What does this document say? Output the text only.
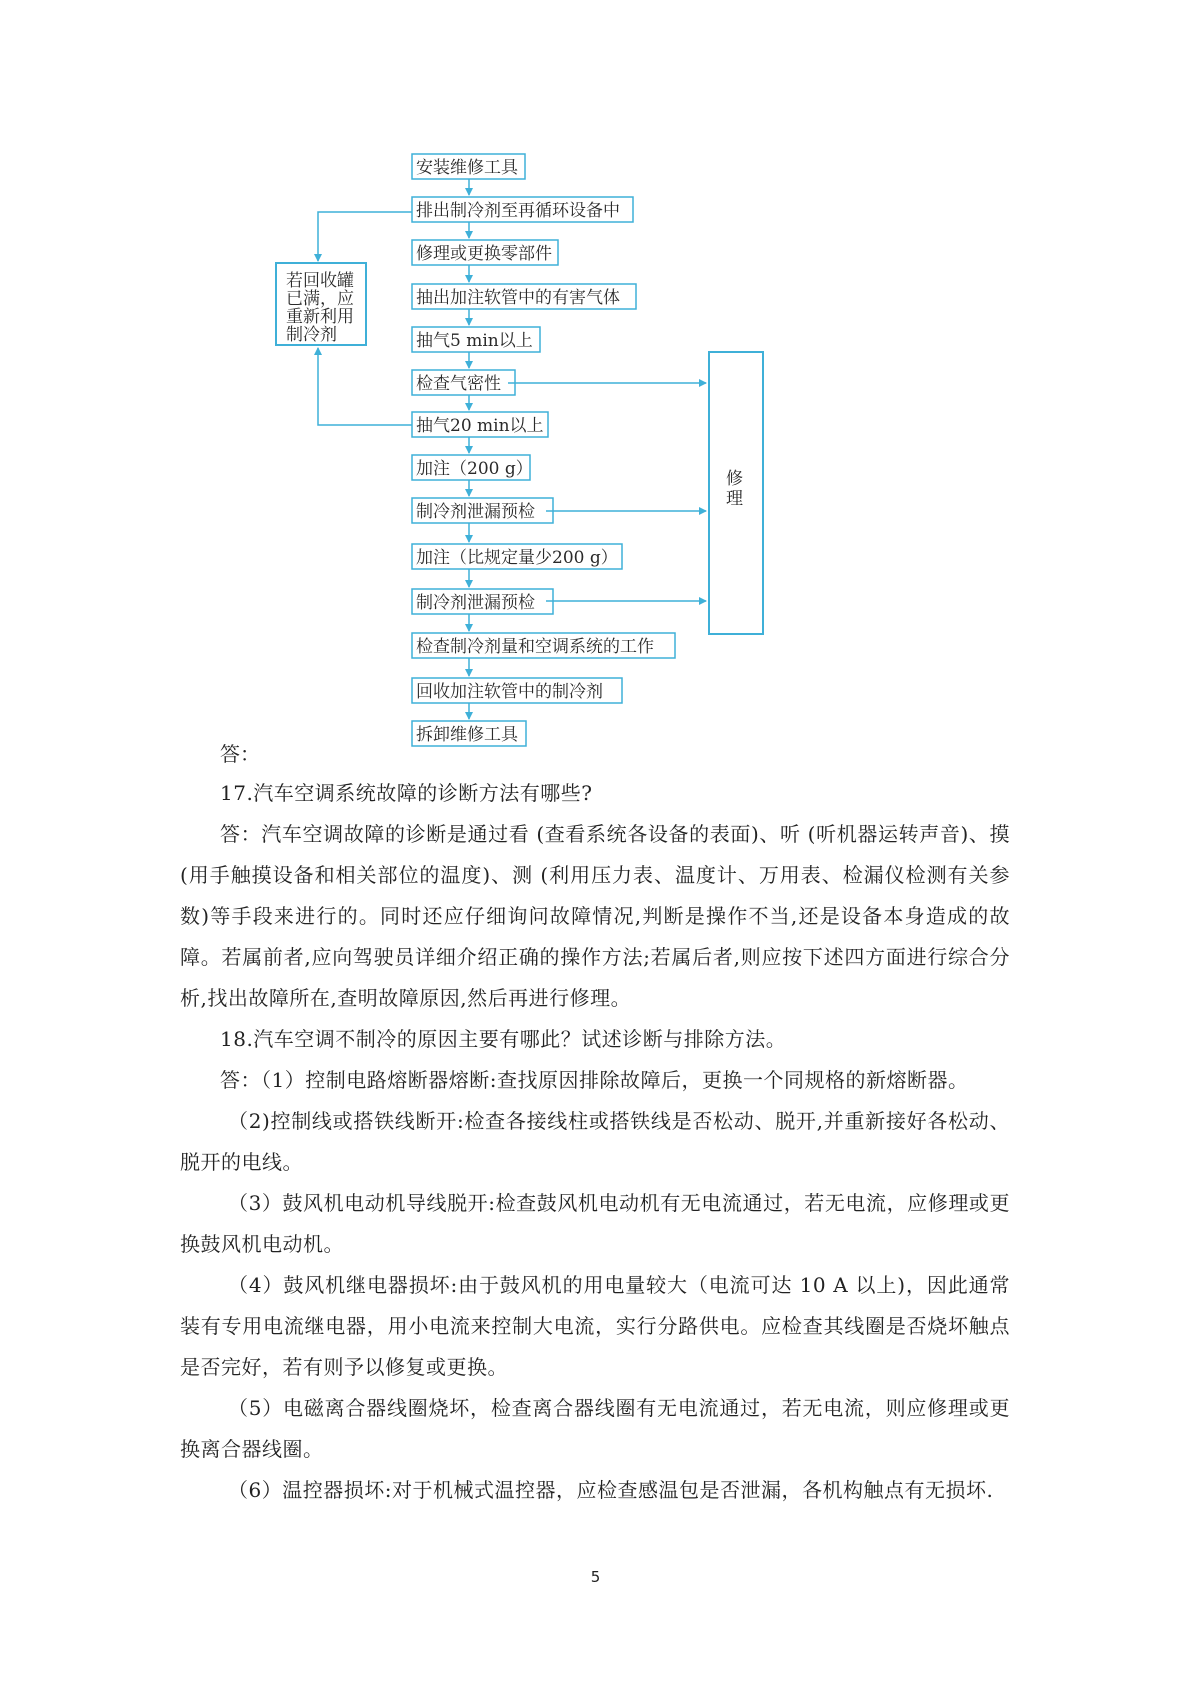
安装维修工具
排出制冷剂至再循环设备中
修理或更换零部件
抽出加注软管中的有害气体
抽气5 min以上
检查气密性
抽气20 min以上
加注（200 g）
制冷剂泄漏预检
加注（比规定量少200 g）
制冷剂泄漏预检
检查制冷剂量和空调系统的工作
回收加注软管中的制冷剂
拆卸维修工具
若回收罐
已满，应
重新利用
制冷剂
修
理
答：

17.汽车空调系统故障的诊断方法有哪些?

答：汽车空调故障的诊断是通过看 (查看系统各设备的表面)、听 (听机器运转声音)、摸(用手触摸设备和相关部位的温度)、测 (利用压力表、温度计、万用表、检漏仪检测有关参数)等手段来进行的。同时还应仔细询问故障情况,判断是操作不当,还是设备本身造成的故障。若属前者,应向驾驶员详细介绍正确的操作方法;若属后者,则应按下述四方面进行综合分析,找出故障所在,查明故障原因,然后再进行修理。

18.汽车空调不制冷的原因主要有哪此？试述诊断与排除方法。

答：（1）控制电路熔断器熔断:查找原因排除故障后，更换一个同规格的新熔断器。

（2)控制线或搭铁线断开:检查各接线柱或搭铁线是否松动、脱开,并重新接好各松动、脱开的电线。

（3）鼓风机电动机导线脱开:检查鼓风机电动机有无电流通过，若无电流，应修理或更换鼓风机电动机。

（4）鼓风机继电器损坏:由于鼓风机的用电量较大（电流可达 10 A 以上)，因此通常装有专用电流继电器，用小电流来控制大电流，实行分路供电。应检查其线圈是否烧坏触点是否完好，若有则予以修复或更换。

（5）电磁离合器线圈烧坏，检查离合器线圈有无电流通过，若无电流，则应修理或更换离合器线圈。

（6）温控器损坏:对于机械式温控器，应检查感温包是否泄漏，各机构触点有无损坏.

5
